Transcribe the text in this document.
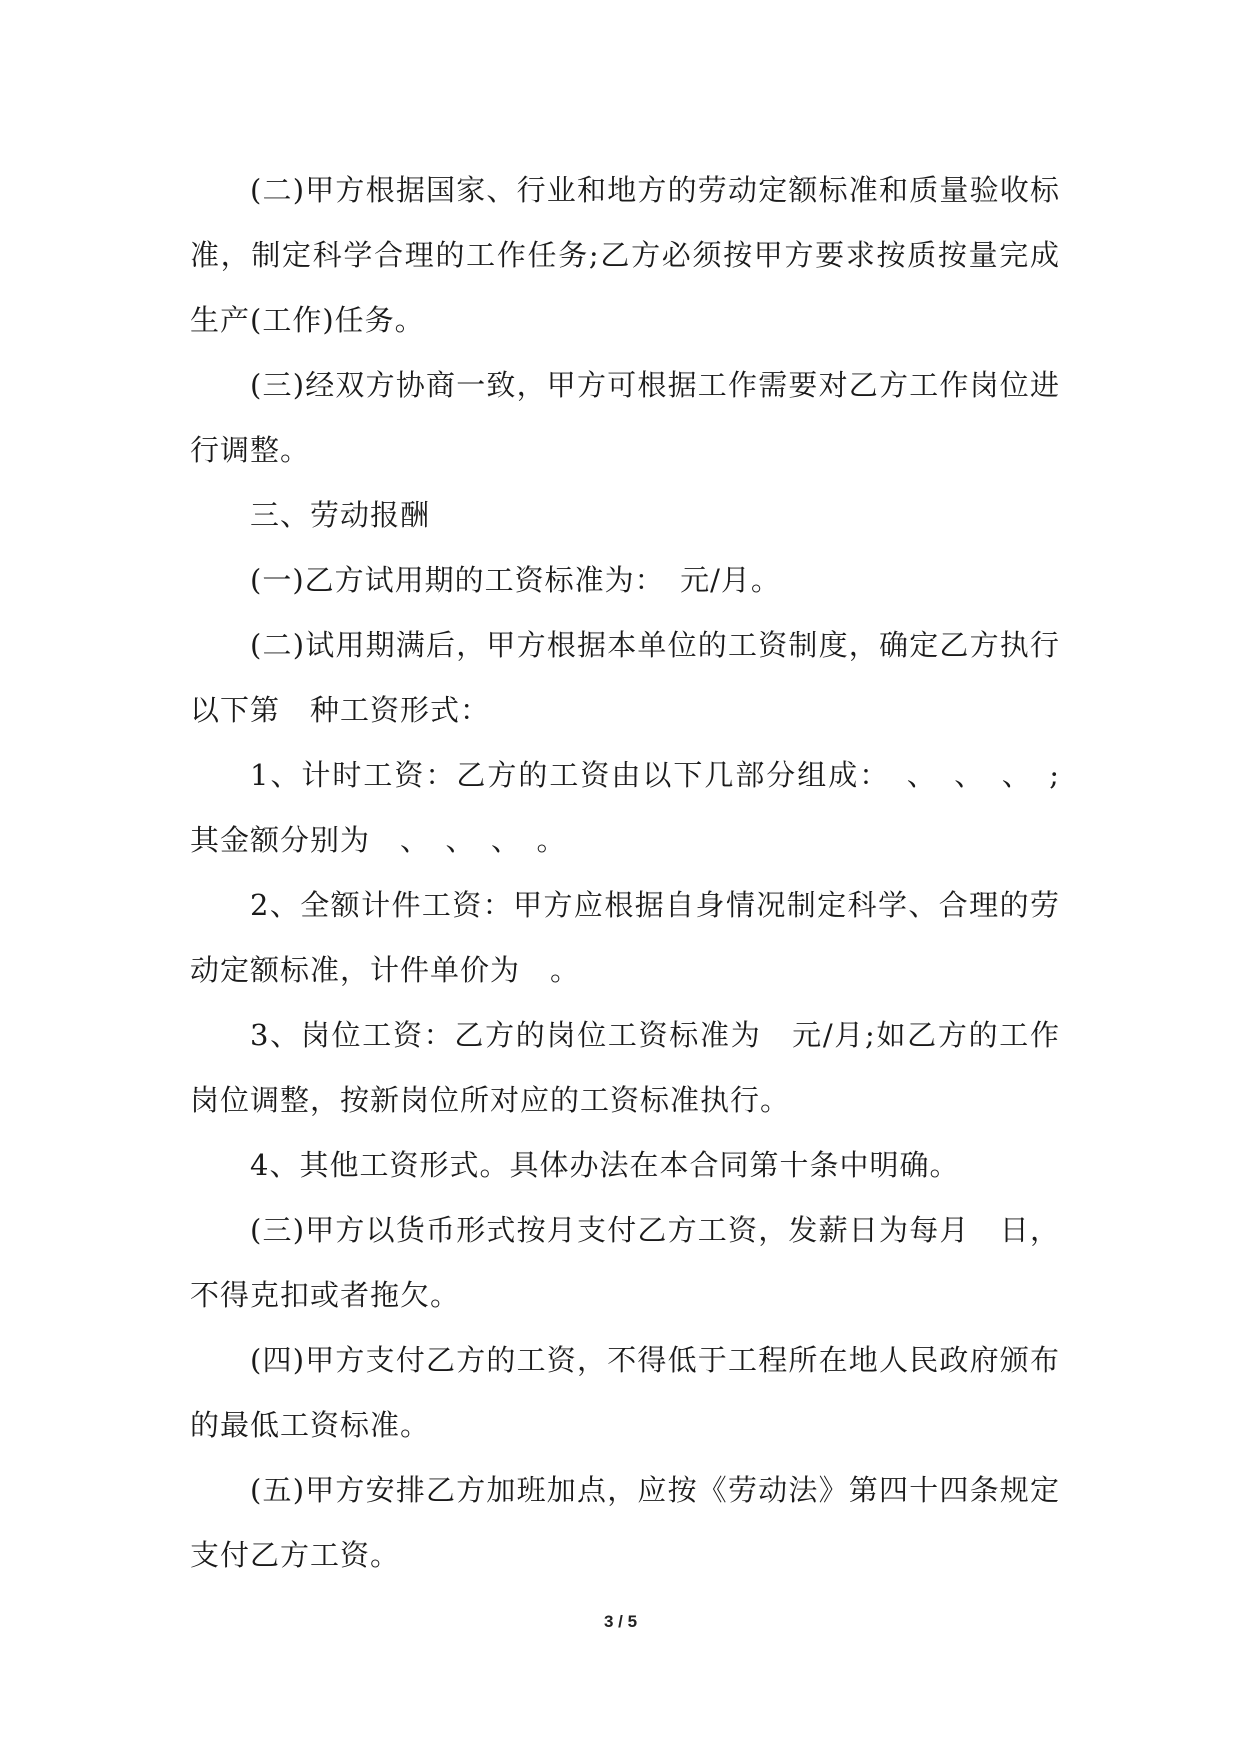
(二)甲方根据国家、行业和地方的劳动定额标准和质量验收标准，制定科学合理的工作任务;乙方必须按甲方要求按质按量完成生产(工作)任务。

(三)经双方协商一致，甲方可根据工作需要对乙方工作岗位进行调整。

三、劳动报酬

(一)乙方试用期的工资标准为：　元/月。

(二)试用期满后，甲方根据本单位的工资制度，确定乙方执行以下第　种工资形式：

1、计时工资：乙方的工资由以下几部分组成：　、　、　、　;其金额分别为　、　、　、　。

2、全额计件工资：甲方应根据自身情况制定科学、合理的劳动定额标准，计件单价为　。

3、岗位工资：乙方的岗位工资标准为　元/月;如乙方的工作岗位调整，按新岗位所对应的工资标准执行。

4、其他工资形式。具体办法在本合同第十条中明确。

(三)甲方以货币形式按月支付乙方工资，发薪日为每月　日，不得克扣或者拖欠。

(四)甲方支付乙方的工资，不得低于工程所在地人民政府颁布的最低工资标准。

(五)甲方安排乙方加班加点，应按《劳动法》第四十四条规定支付乙方工资。

3 / 5
